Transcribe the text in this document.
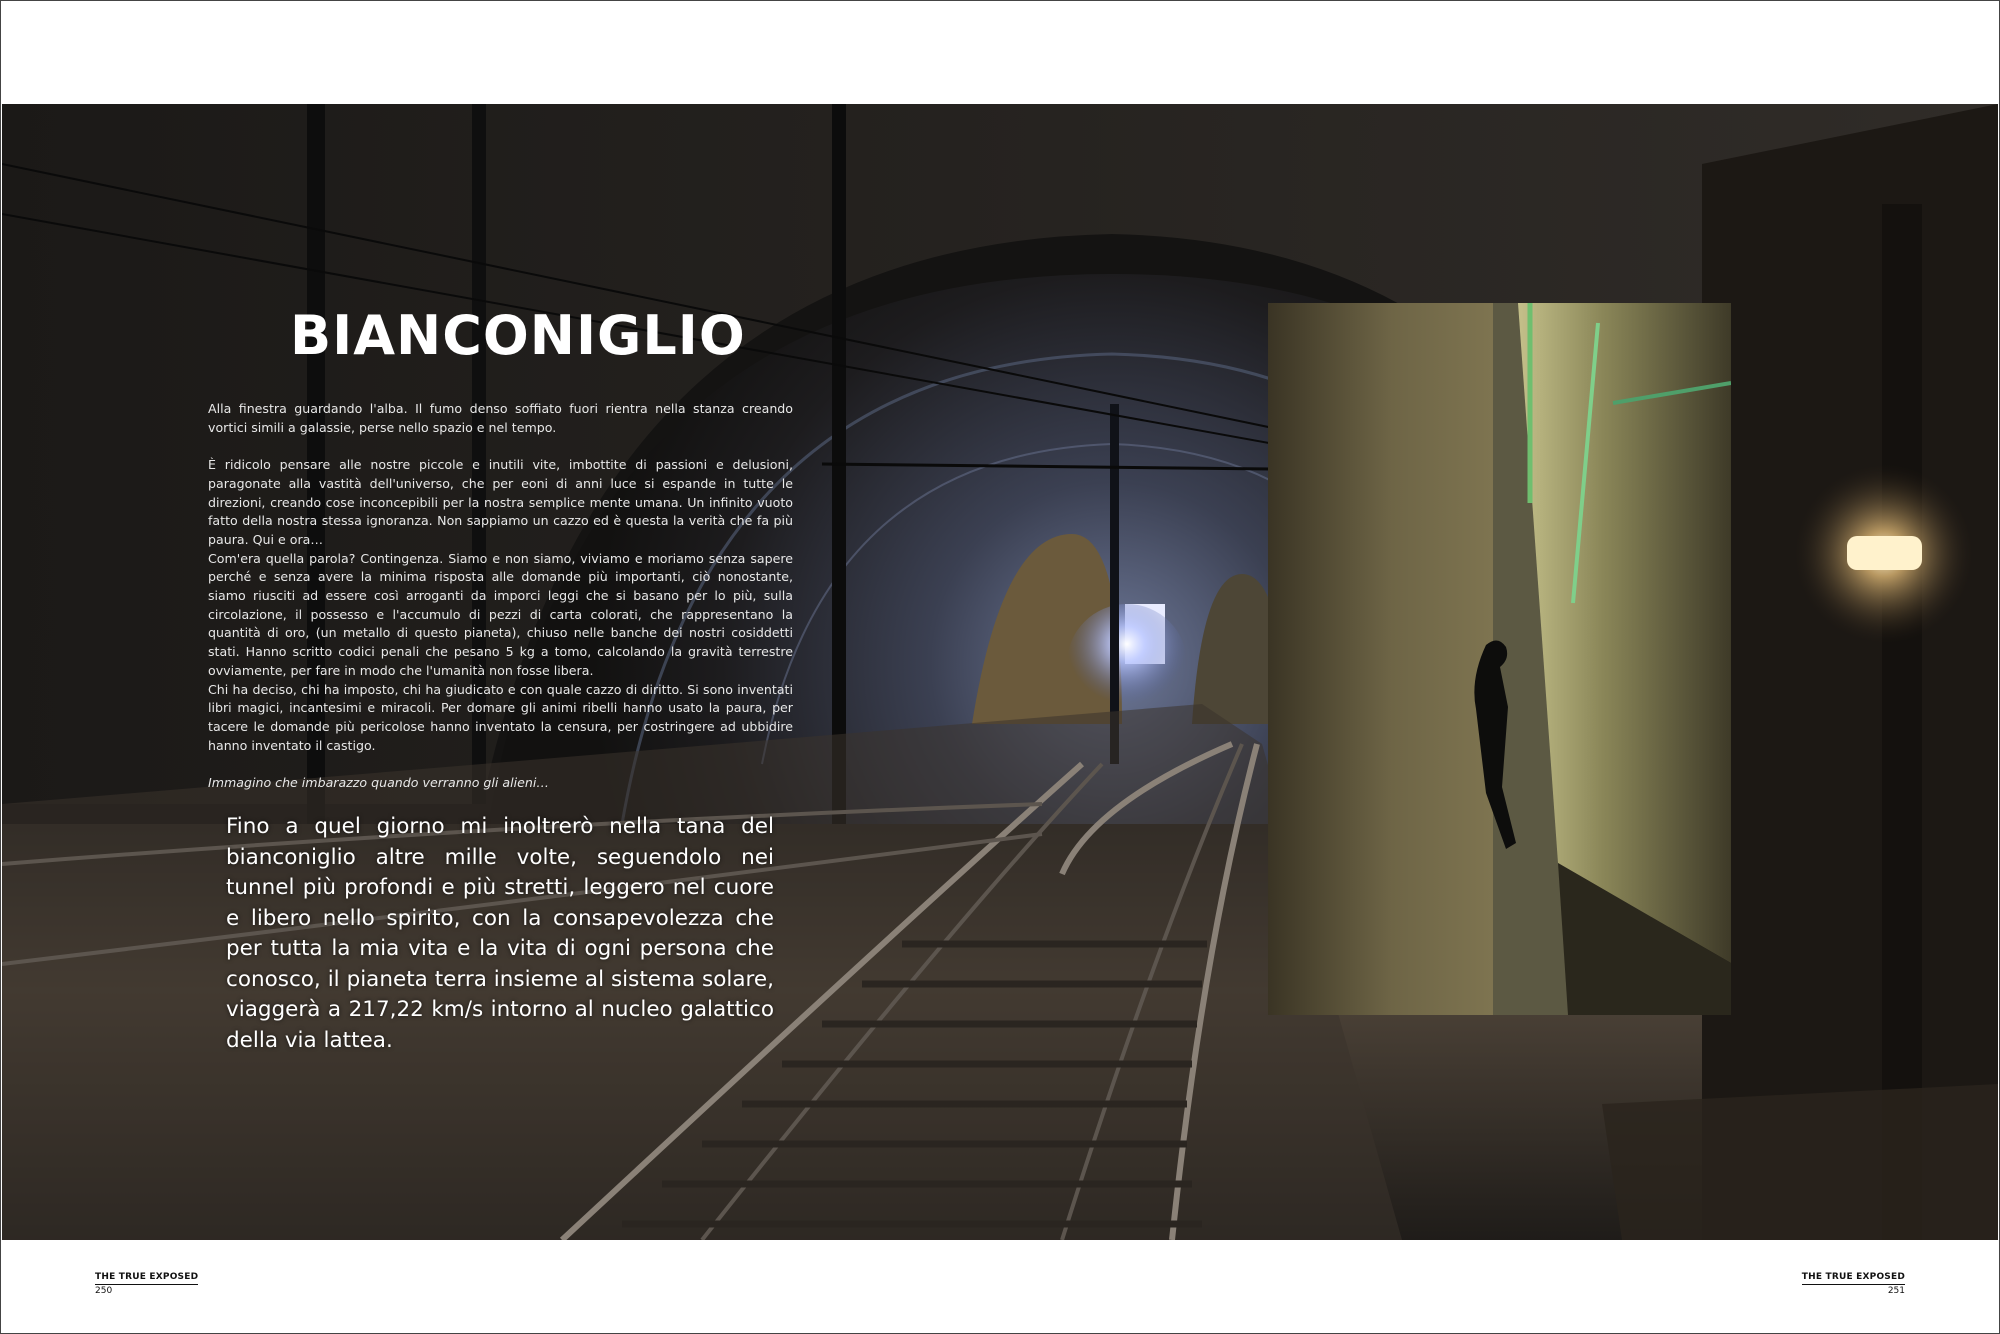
BIANCONIGLIO

Alla finestra guardando l'alba. Il fumo denso soffiato fuori rientra nella stanza creando vortici simili a galassie, perse nello spazio e nel tempo.

È ridicolo pensare alle nostre piccole e inutili vite, imbottite di passioni e delusioni, paragonate alla vastità dell'universo, che per eoni di anni luce si espande in tutte le direzioni, creando cose inconcepibili per la nostra semplice mente umana. Un infinito vuoto fatto della nostra stessa ignoranza. Non sappiamo un cazzo ed è questa la verità che fa più paura. Qui e ora…

Com'era quella parola? Contingenza. Siamo e non siamo, viviamo e moriamo senza sapere perché e senza avere la minima risposta alle domande più importanti, ciò nonostante, siamo riusciti ad essere così arroganti da imporci leggi che si basano per lo più, sulla circolazione, il possesso e l'accumulo di pezzi di carta colorati, che rappresentano la quantità di oro, (un metallo di questo pianeta), chiuso nelle banche dei nostri cosiddetti stati. Hanno scritto codici penali che pesano 5 kg a tomo, calcolando la gravità terrestre ovviamente, per fare in modo che l'umanità non fosse libera.

Chi ha deciso, chi ha imposto, chi ha giudicato e con quale cazzo di diritto. Si sono inventati libri magici, incantesimi e miracoli. Per domare gli animi ribelli hanno usato la paura, per tacere le domande più pericolose hanno inventato la censura, per costringere ad ubbidire hanno inventato il castigo.

Immagino che imbarazzo quando verranno gli alieni…

Fino a quel giorno mi inoltrerò nella tana del bianconiglio altre mille volte, seguendolo nei tunnel più profondi e più stretti, leggero nel cuore e libero nello spirito, con la consapevolezza che per tutta la mia vita e la vita di ogni persona che conosco, il pianeta terra insieme al sistema solare, viaggerà a 217,22 km/s intorno al nucleo galattico della via lattea.
THE TRUE EXPOSED
250
THE TRUE EXPOSED
251
